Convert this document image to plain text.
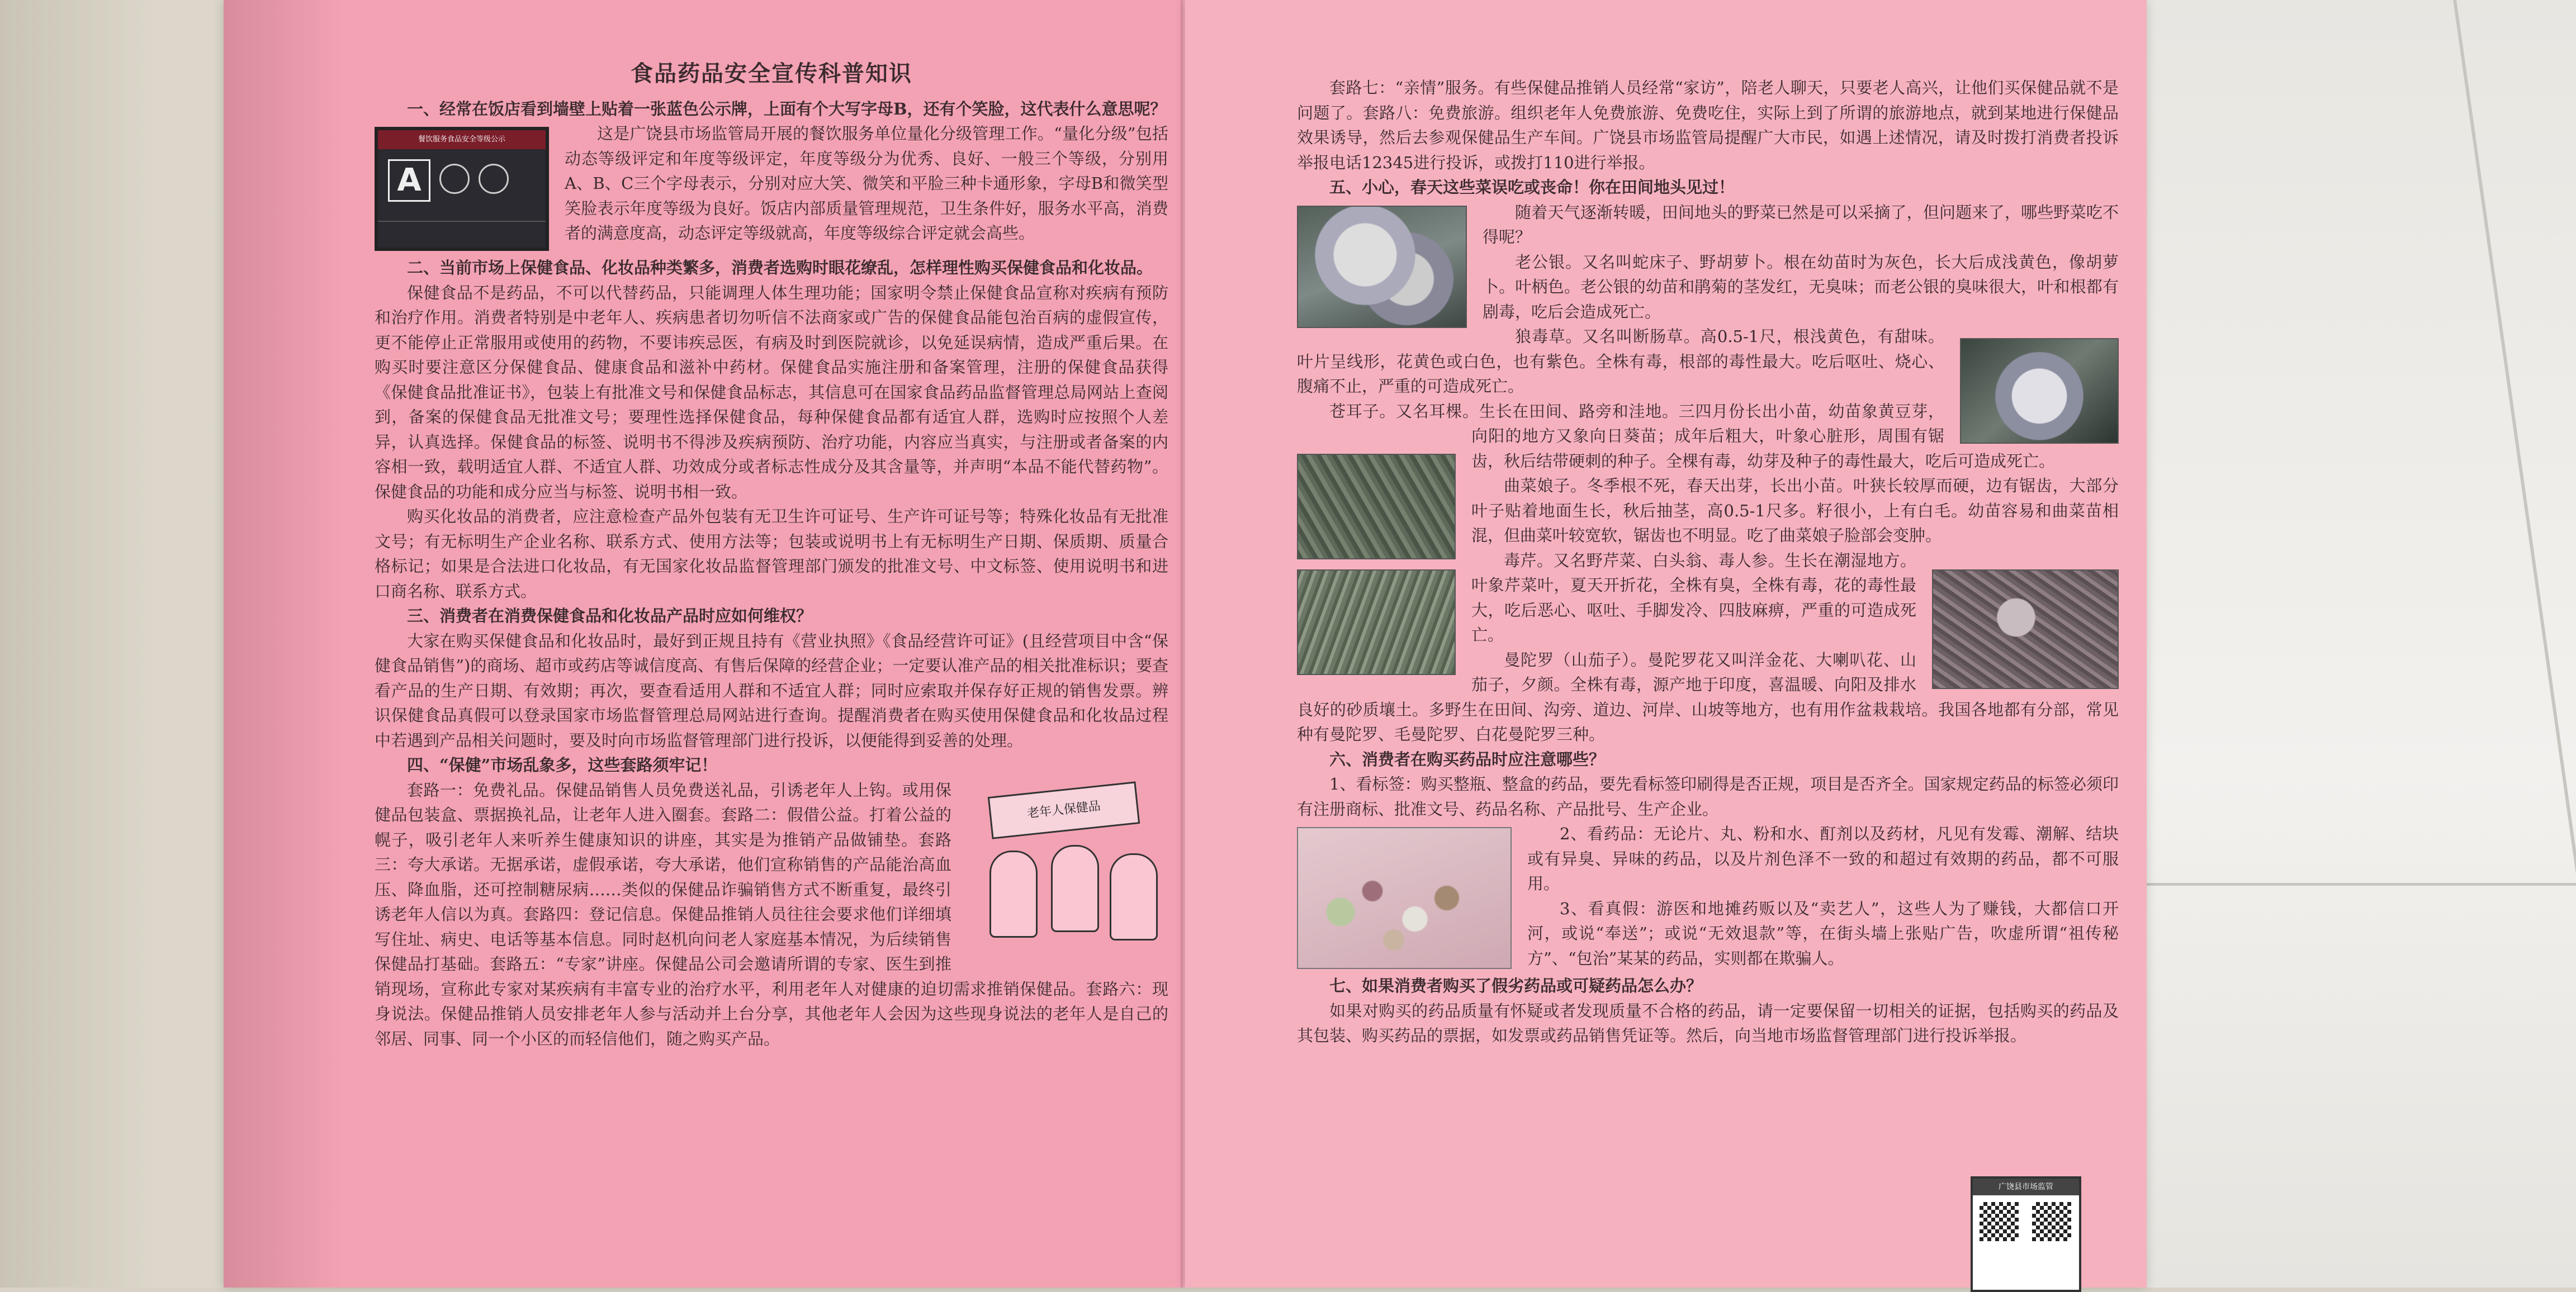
食品药品安全宣传科普知识
一、经常在饭店看到墙壁上贴着一张蓝色公示牌，上面有个大写字母B，还有个笑脸，这代表什么意思呢？
餐饮服务食品安全等级公示
A

这是广饶县市场监管局开展的餐饮服务单位量化分级管理工作。“量化分级”包括动态等级评定和年度等级评定，年度等级分为优秀、良好、一般三个等级，分别用A、B、C三个字母表示，分别对应大笑、微笑和平脸三种卡通形象，字母B和微笑型笑脸表示年度等级为良好。饭店内部质量管理规范，卫生条件好，服务水平高，消费者的满意度高，动态评定等级就高，年度等级综合评定就会高些。

二、当前市场上保健食品、化妆品种类繁多，消费者选购时眼花缭乱，怎样理性购买保健食品和化妆品。

保健食品不是药品，不可以代替药品，只能调理人体生理功能；国家明令禁止保健食品宣称对疾病有预防和治疗作用。消费者特别是中老年人、疾病患者切勿听信不法商家或广告的保健食品能包治百病的虚假宣传，更不能停止正常服用或使用的药物，不要讳疾忌医，有病及时到医院就诊，以免延误病情，造成严重后果。在购买时要注意区分保健食品、健康食品和滋补中药材。保健食品实施注册和备案管理，注册的保健食品获得《保健食品批准证书》，包装上有批准文号和保健食品标志，其信息可在国家食品药品监督管理总局网站上查阅到，备案的保健食品无批准文号；要理性选择保健食品，每种保健食品都有适宜人群，选购时应按照个人差异，认真选择。保健食品的标签、说明书不得涉及疾病预防、治疗功能，内容应当真实，与注册或者备案的内容相一致，载明适宜人群、不适宜人群、功效成分或者标志性成分及其含量等，并声明“本品不能代替药物”。保健食品的功能和成分应当与标签、说明书相一致。

购买化妆品的消费者，应注意检查产品外包装有无卫生许可证号、生产许可证号等；特殊化妆品有无批准文号；有无标明生产企业名称、联系方式、使用方法等；包装或说明书上有无标明生产日期、保质期、质量合格标记；如果是合法进口化妆品，有无国家化妆品监督管理部门颁发的批准文号、中文标签、使用说明书和进口商名称、联系方式。

三、消费者在消费保健食品和化妆品产品时应如何维权？

大家在购买保健食品和化妆品时，最好到正规且持有《营业执照》《食品经营许可证》(且经营项目中含“保健食品销售”)的商场、超市或药店等诚信度高、有售后保障的经营企业；一定要认准产品的相关批准标识；要查看产品的生产日期、有效期；再次，要查看适用人群和不适宜人群；同时应索取并保存好正规的销售发票。辨识保健食品真假可以登录国家市场监督管理总局网站进行查询。提醒消费者在购买使用保健食品和化妆品过程中若遇到产品相关问题时，要及时向市场监督管理部门进行投诉，以便能得到妥善的处理。

四、“保健”市场乱象多，这些套路须牢记！
老年人保健品

套路一：免费礼品。保健品销售人员免费送礼品，引诱老年人上钩。或用保健品包装盒、票据换礼品，让老年人进入圈套。套路二：假借公益。打着公益的幌子，吸引老年人来听养生健康知识的讲座，其实是为推销产品做铺垫。套路三：夸大承诺。无据承诺，虚假承诺，夸大承诺，他们宣称销售的产品能治高血压、降血脂，还可控制糖尿病……类似的保健品诈骗销售方式不断重复，最终引诱老年人信以为真。套路四：登记信息。保健品推销人员往往会要求他们详细填写住址、病史、电话等基本信息。同时赵机向问老人家庭基本情况，为后续销售保健品打基础。套路五：“专家”讲座。保健品公司会邀请所谓的专家、医生到推销现场，宣称此专家对某疾病有丰富专业的治疗水平，利用老年人对健康的迫切需求推销保健品。套路六：现身说法。保健品推销人员安排老年人参与活动并上台分享，其他老年人会因为这些现身说法的老年人是自己的邻居、同事、同一个小区的而轻信他们，随之购买产品。

套路七：“亲情”服务。有些保健品推销人员经常“家访”，陪老人聊天，只要老人高兴，让他们买保健品就不是问题了。套路八：免费旅游。组织老年人免费旅游、免费吃住，实际上到了所谓的旅游地点，就到某地进行保健品效果诱导，然后去参观保健品生产车间。广饶县市场监管局提醒广大市民，如遇上述情况，请及时拨打消费者投诉举报电话12345进行投诉，或拨打110进行举报。

五、小心，春天这些菜误吃或丧命！你在田间地头见过！

随着天气逐渐转暖，田间地头的野菜已然是可以采摘了，但问题来了，哪些野菜吃不得呢？

老公银。又名叫蛇床子、野胡萝卜。根在幼苗时为灰色，长大后成浅黄色，像胡萝卜。叶柄色。老公银的幼苗和鹃菊的茎发红，无臭味；而老公银的臭味很大，叶和根都有剧毒，吃后会造成死亡。

狼毒草。又名叫断肠草。高0.5-1尺，根浅黄色，有甜味。叶片呈线形，花黄色或白色，也有紫色。全株有毒，根部的毒性最大。吃后呕吐、烧心、腹痛不止，严重的可造成死亡。

苍耳子。又名耳棵。生长在田间、路旁和洼地。三四月份长出小苗，幼苗象黄豆芽，向阳的地方又象向日葵苗；成年后粗大，叶象心脏形，周围有锯齿，秋后结带硬刺的种子。全棵有毒，幼芽及种子的毒性最大，吃后可造成死亡。

曲菜娘子。冬季根不死，春天出芽，长出小苗。叶狭长较厚而硬，边有锯齿，大部分叶子贴着地面生长，秋后抽茎，高0.5-1尺多。籽很小，上有白毛。幼苗容易和曲菜苗相混，但曲菜叶较宽软，锯齿也不明显。吃了曲菜娘子脸部会变肿。

毒芹。又名野芹菜、白头翁、毒人参。生长在潮湿地方。叶象芹菜叶，夏天开折花，全株有臭，全株有毒，花的毒性最大，吃后恶心、呕吐、手脚发冷、四肢麻痹，严重的可造成死亡。

曼陀罗（山茄子）。曼陀罗花又叫洋金花、大喇叭花、山茄子，夕颜。全株有毒，源产地于印度，喜温暖、向阳及排水良好的砂质壤土。多野生在田间、沟旁、道边、河岸、山坡等地方，也有用作盆栽栽培。我国各地都有分部，常见种有曼陀罗、毛曼陀罗、白花曼陀罗三种。

六、消费者在购买药品时应注意哪些？

1、看标签：购买整瓶、整盒的药品，要先看标签印刷得是否正规，项目是否齐全。国家规定药品的标签必须印有注册商标、批准文号、药品名称、产品批号、生产企业。

2、看药品：无论片、丸、粉和水、酊剂以及药材，凡见有发霉、潮解、结块或有异臭、异味的药品，以及片剂色泽不一致的和超过有效期的药品，都不可服用。

3、看真假：游医和地摊药贩以及“卖艺人”，这些人为了赚钱，大都信口开河，或说“奉送”；或说“无效退款”等，在街头墙上张贴广告，吹虚所谓“祖传秘方”、“包治”某某的药品，实则都在欺骗人。

七、如果消费者购买了假劣药品或可疑药品怎么办？

如果对购买的药品质量有怀疑或者发现质量不合格的药品，请一定要保留一切相关的证据，包括购买的药品及其包装、购买药品的票据，如发票或药品销售凭证等。然后，向当地市场监督管理部门进行投诉举报。

广饶县市场监管
